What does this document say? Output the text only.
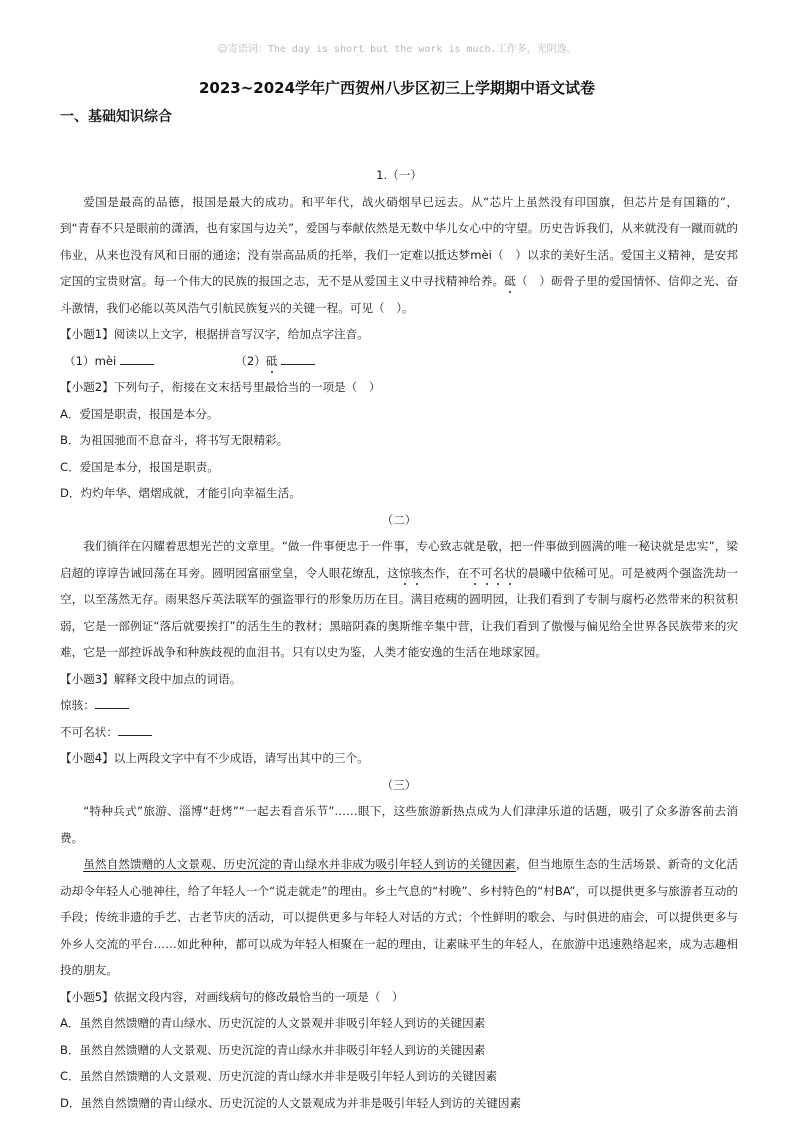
☺寄语词：The day is short but the work is much.工作多，光阴逸。
2023~2024学年广西贺州八步区初三上学期期中语文试卷
一、基础知识综合

1.（一）

爱国是最高的品德，报国是最大的成功。和平年代，战火硝烟早已远去。从“芯片上虽然没有印国旗，但芯片是有国籍的”，到“青春不只是眼前的潇洒，也有家国与边关”，爱国与奉献依然是无数中华儿女心中的守望。历史告诉我们，从来就没有一蹴而就的伟业，从来也没有风和日丽的通途；没有崇高品质的托举，我们一定难以抵达梦mèi（　）以求的美好生活。爱国主义精神，是安邦定国的宝贵财富。每一个伟大的民族的报国之志，无不是从爱国主义中寻找精神给养。砥（　）砺骨子里的爱国情怀、信仰之光、奋斗激情，我们必能以英风浩气引航民族复兴的关键一程。可见（　）。

【小题1】阅读以上文字，根据拼音写汉字，给加点字注音。

（1）mèi	（2）砥

【小题2】下列句子，衔接在文末括号里最恰当的一项是（　）

A．爱国是职责，报国是本分。

B．为祖国驰而不息奋斗，将书写无限精彩。

C．爱国是本分，报国是职责。

D．灼灼年华、熠熠成就，才能引向幸福生活。

（二）

我们徜徉在闪耀着思想光芒的文章里。“做一件事便忠于一件事，专心致志就是敬，把一件事做到圆满的唯一秘诀就是忠实”，梁启超的谆谆告诫回荡在耳旁。圆明园富丽堂皇，令人眼花缭乱，这惊骇杰作，在不可名状的晨曦中依稀可见。可是被两个强盗洗劫一空，以至荡然无存。雨果怒斥英法联军的强盗罪行的形象历历在目。满目疮痍的圆明园，让我们看到了专制与腐朽必然带来的积贫积弱，它是一部例证“落后就要挨打”的活生生的教材；黑暗阴森的奥斯维辛集中营，让我们看到了傲慢与偏见给全世界各民族带来的灾难，它是一部控诉战争和种族歧视的血泪书。只有以史为鉴，人类才能安逸的生活在地球家园。

【小题3】解释文段中加点的词语。

惊骇：

不可名状：

【小题4】以上两段文字中有不少成语，请写出其中的三个。

（三）

“特种兵式”旅游、淄博“赶烤”“一起去看音乐节”……眼下，这些旅游新热点成为人们津津乐道的话题，吸引了众多游客前去消费。

虽然自然馈赠的人文景观、历史沉淀的青山绿水并非成为吸引年轻人到访的关键因素，但当地原生态的生活场景、新奇的文化活动却令年轻人心驰神往，给了年轻人一个“说走就走”的理由。乡土气息的“村晚”、乡村特色的“村BA”，可以提供更多与旅游者互动的手段；传统非遗的手艺、古老节庆的活动，可以提供更多与年轻人对话的方式；个性鲜明的歌会、与时俱进的庙会，可以提供更多与外乡人交流的平台……如此种种，都可以成为年轻人相聚在一起的理由，让素昧平生的年轻人，在旅游中迅速熟络起来，成为志趣相投的朋友。

【小题5】依据文段内容，对画线病句的修改最恰当的一项是（　）

A．虽然自然馈赠的青山绿水、历史沉淀的人文景观并非吸引年轻人到访的关键因素

B．虽然自然馈赠的人文景观、历史沉淀的青山绿水并非吸引年轻人到访的关键因素

C．虽然自然馈赠的人文景观、历史沉淀的青山绿水并非是吸引年轻人到访的关键因素

D．虽然自然馈赠的青山绿水、历史沉淀的人文景观成为并非是吸引年轻人到访的关键因素
